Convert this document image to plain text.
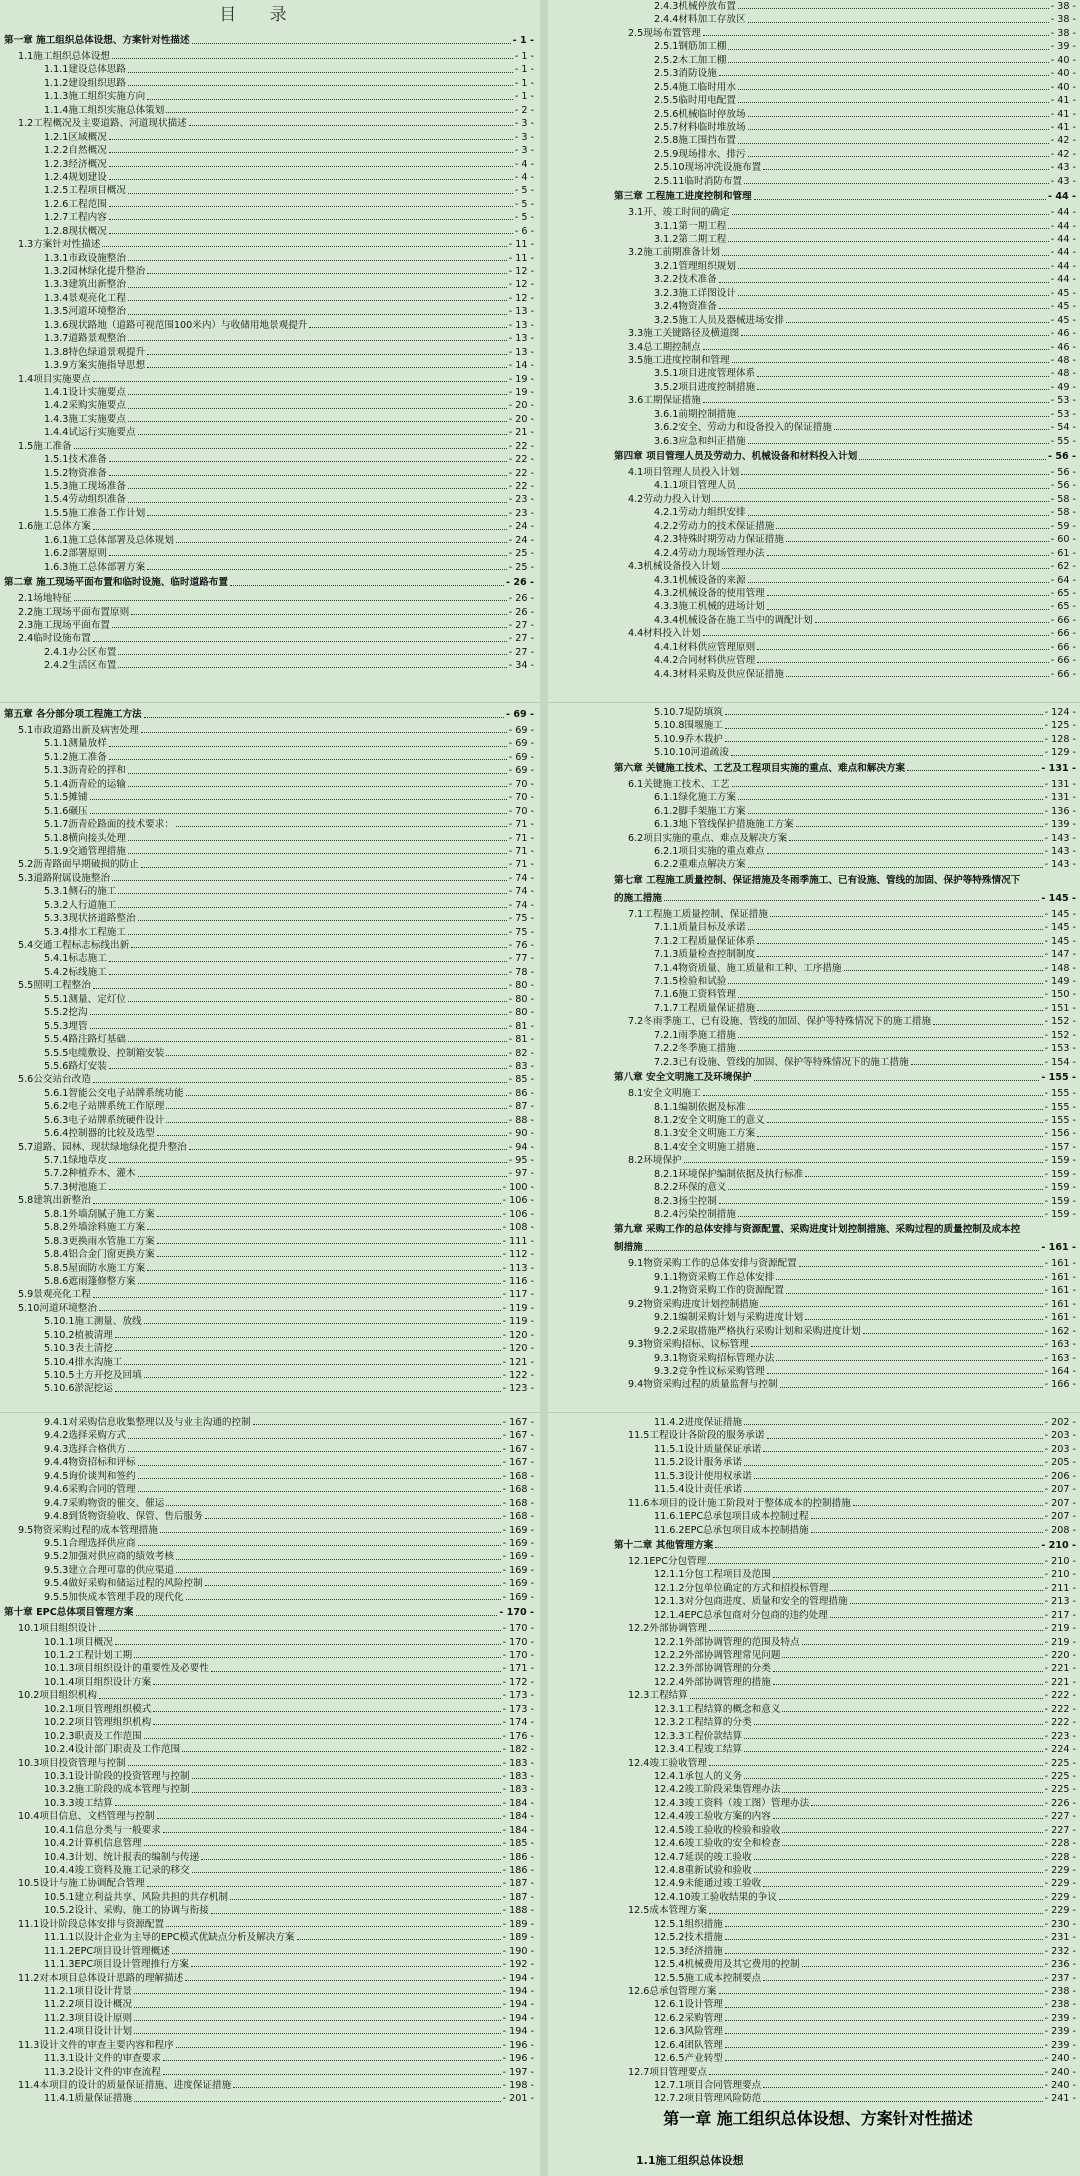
目 录
第一章 施工组织总体设想、方案针对性描述	- 1 -
1.1施工组织总体设想	- 1 -
1.1.1建设总体思路	- 1 -
1.1.2建设组织思路	- 1 -
1.1.3施工组织实施方向	- 1 -
1.1.4施工组织实施总体策划	- 2 -
1.2工程概况及主要道路、河道现状描述	- 3 -
1.2.1区域概况	- 3 -
1.2.2自然概况	- 3 -
1.2.3经济概况	- 4 -
1.2.4规划建设	- 4 -
1.2.5工程项目概况	- 5 -
1.2.6工程范围	- 5 -
1.2.7工程内容	- 5 -
1.2.8现状概况	- 6 -
1.3方案针对性描述	- 11 -
1.3.1市政设施整治	- 11 -
1.3.2园林绿化提升整治	- 12 -
1.3.3建筑出新整治	- 12 -
1.3.4景观亮化工程	- 12 -
1.3.5河道环境整治	- 13 -
1.3.6现状路地（道路可视范围100米内）与收储用地景观提升	- 13 -
1.3.7道路景观整治	- 13 -
1.3.8特色绿道景观提升	- 13 -
1.3.9方案实施指导思想	- 14 -
1.4项目实施要点	- 19 -
1.4.1设计实施要点	- 19 -
1.4.2采购实施要点	- 20 -
1.4.3施工实施要点	- 20 -
1.4.4试运行实施要点	- 21 -
1.5施工准备	- 22 -
1.5.1技术准备	- 22 -
1.5.2物资准备	- 22 -
1.5.3施工现场准备	- 22 -
1.5.4劳动组织准备	- 23 -
1.5.5施工准备工作计划	- 23 -
1.6施工总体方案	- 24 -
1.6.1施工总体部署及总体规划	- 24 -
1.6.2部署原则	- 25 -
1.6.3施工总体部署方案	- 25 -
第二章 施工现场平面布置和临时设施、临时道路布置	- 26 -
2.1场地特征	- 26 -
2.2施工现场平面布置原则	- 26 -
2.3施工现场平面布置	- 27 -
2.4临时设施布置	- 27 -
2.4.1办公区布置	- 27 -
2.4.2生活区布置	- 34 -
2.4.3机械停放布置	- 38 -
2.4.4材料加工存放区	- 38 -
2.5现场布置管理	- 38 -
2.5.1钢筋加工棚	- 39 -
2.5.2木工加工棚	- 40 -
2.5.3消防设施	- 40 -
2.5.4施工临时用水	- 40 -
2.5.5临时用电配置	- 41 -
2.5.6机械临时停放场	- 41 -
2.5.7材料临时堆放场	- 41 -
2.5.8施工围挡布置	- 42 -
2.5.9现场排水、排污	- 42 -
2.5.10现场冲洗设施布置	- 43 -
2.5.11临时消防布置	- 43 -
第三章 工程施工进度控制和管理	- 44 -
3.1开、竣工时间的确定	- 44 -
3.1.1第一期工程	- 44 -
3.1.2第二期工程	- 44 -
3.2施工前期准备计划	- 44 -
3.2.1管理组织规划	- 44 -
3.2.2技术准备	- 44 -
3.2.3施工详图设计	- 45 -
3.2.4物资准备	- 45 -
3.2.5施工人员及器械进场安排	- 45 -
3.3施工关键路径及横道图	- 46 -
3.4总工期控制点	- 46 -
3.5施工进度控制和管理	- 48 -
3.5.1项目进度管理体系	- 48 -
3.5.2项目进度控制措施	- 49 -
3.6工期保证措施	- 53 -
3.6.1前期控制措施	- 53 -
3.6.2安全、劳动力和设备投入的保证措施	- 54 -
3.6.3应急和纠正措施	- 55 -
第四章 项目管理人员及劳动力、机械设备和材料投入计划	- 56 -
4.1项目管理人员投入计划	- 56 -
4.1.1项目管理人员	- 56 -
4.2劳动力投入计划	- 58 -
4.2.1劳动力组织安排	- 58 -
4.2.2劳动力的技术保证措施	- 59 -
4.2.3特殊时期劳动力保证措施	- 60 -
4.2.4劳动力现场管理办法	- 61 -
4.3机械设备投入计划	- 62 -
4.3.1机械设备的来源	- 64 -
4.3.2机械设备的使用管理	- 65 -
4.3.3施工机械的进场计划	- 65 -
4.3.4机械设备在施工当中的调配计划	- 66 -
4.4材料投入计划	- 66 -
4.4.1材料供应管理原则	- 66 -
4.4.2合同材料供应管理	- 66 -
4.4.3材料采购及供应保证措施	- 66 -
第五章 各分部分项工程施工方法	- 69 -
5.1市政道路出新及病害处理	- 69 -
5.1.1测量放样	- 69 -
5.1.2施工准备	- 69 -
5.1.3沥青砼的拌和	- 69 -
5.1.4沥青砼的运输	- 70 -
5.1.5摊铺	- 70 -
5.1.6碾压	- 70 -
5.1.7沥青砼路面的技术要求：	- 71 -
5.1.8横向接头处理	- 71 -
5.1.9交通管理措施	- 71 -
5.2沥青路面早期破损的防止	- 71 -
5.3道路附属设施整治	- 74 -
5.3.1侧石的施工	- 74 -
5.3.2人行道施工	- 74 -
5.3.3现状挤道路整治	- 75 -
5.3.4排水工程施工	- 75 -
5.4交通工程标志标线出新	- 76 -
5.4.1标志施工	- 77 -
5.4.2标线施工	- 78 -
5.5照明工程整治	- 80 -
5.5.1测量、定灯位	- 80 -
5.5.2挖沟	- 80 -
5.5.3埋管	- 81 -
5.5.4路注路灯基础	- 81 -
5.5.5电缆敷设、控制箱安装	- 82 -
5.5.6路灯安装	- 83 -
5.6公交站台改造	- 85 -
5.6.1智能公交电子站牌系统功能	- 86 -
5.6.2电子站牌系统工作原理	- 87 -
5.6.3电子站牌系统硬件设计	- 88 -
5.6.4控制器的比较及选型	- 90 -
5.7道路、园林、现状绿地绿化提升整治	- 94 -
5.7.1绿地草皮	- 95 -
5.7.2种植乔木、灌木	- 97 -
5.7.3树池施工	- 100 -
5.8建筑出新整治	- 106 -
5.8.1外墙刮腻子施工方案	- 106 -
5.8.2外墙涂料施工方案	- 108 -
5.8.3更换雨水管施工方案	- 111 -
5.8.4铝合金门窗更换方案	- 112 -
5.8.5屋面防水施工方案	- 113 -
5.8.6遮雨篷修整方案	- 116 -
5.9景观亮化工程	- 117 -
5.10河道环境整治	- 119 -
5.10.1施工测量、放线	- 119 -
5.10.2植被清理	- 120 -
5.10.3表土清挖	- 120 -
5.10.4排水沟施工	- 121 -
5.10.5土方开挖及回填	- 122 -
5.10.6淤泥挖运	- 123 -
5.10.7堤防填筑	- 124 -
5.10.8围堰施工	- 125 -
5.10.9乔木栽护	- 128 -
5.10.10河道疏浚	- 129 -
第六章 关键施工技术、工艺及工程项目实施的重点、难点和解决方案	- 131 -
6.1关键施工技术、工艺	- 131 -
6.1.1绿化施工方案	- 131 -
6.1.2脚手架施工方案	- 136 -
6.1.3地下管线保护措施施工方案	- 139 -
6.2项目实施的重点、难点及解决方案	- 143 -
6.2.1项目实施的重点难点	- 143 -
6.2.2重难点解决方案	- 143 -
第七章 工程施工质量控制、保证措施及冬雨季施工、已有设施、管线的加固、保护等特殊情况下
的施工措施	- 145 -
7.1工程施工质量控制、保证措施	- 145 -
7.1.1质量目标及承诺	- 145 -
7.1.2工程质量保证体系	- 145 -
7.1.3质量检查控制制度	- 147 -
7.1.4物资质量、施工质量和工种、工序措施	- 148 -
7.1.5检验和试验	- 149 -
7.1.6施工资料管理	- 150 -
7.1.7工程质量保证措施	- 151 -
7.2冬雨季施工、已有设施、管线的加固、保护等特殊情况下的施工措施	- 152 -
7.2.1雨季施工措施	- 152 -
7.2.2冬季施工措施	- 153 -
7.2.3已有设施、管线的加固、保护等特殊情况下的施工措施	- 154 -
第八章 安全文明施工及环境保护	- 155 -
8.1安全文明施工	- 155 -
8.1.1编制依据及标准	- 155 -
8.1.2安全文明施工的意义	- 155 -
8.1.3安全文明施工方案	- 156 -
8.1.4安全文明施工措施	- 157 -
8.2环境保护	- 159 -
8.2.1环境保护编制依据及执行标准	- 159 -
8.2.2环保的意义	- 159 -
8.2.3扬尘控制	- 159 -
8.2.4污染控制措施	- 159 -
第九章 采购工作的总体安排与资源配置、采购进度计划控制措施、采购过程的质量控制及成本控
制措施	- 161 -
9.1物资采购工作的总体安排与资源配置	- 161 -
9.1.1物资采购工作总体安排	- 161 -
9.1.2物资采购工作的资源配置	- 161 -
9.2物资采购进度计划控制措施	- 161 -
9.2.1编制采购计划与采购进度计划	- 161 -
9.2.2采取措施严格执行采购计划和采购进度计划	- 162 -
9.3物资采购招标、议标管理	- 163 -
9.3.1物资采购招标管理办法	- 163 -
9.3.2竞争性议标采购管理	- 164 -
9.4物资采购过程的质量监督与控制	- 166 -
9.4.1对采购信息收集整理以及与业主沟通的控制	- 167 -
9.4.2选择采购方式	- 167 -
9.4.3选择合格供方	- 167 -
9.4.4物资招标和评标	- 167 -
9.4.5询价谈判和签约	- 168 -
9.4.6采购合同的管理	- 168 -
9.4.7采购物资的催交、催运	- 168 -
9.4.8到货物资验收、保管、售后服务	- 168 -
9.5物资采购过程的成本管理措施	- 169 -
9.5.1合理选择供应商	- 169 -
9.5.2加强对供应商的绩效考核	- 169 -
9.5.3建立合理可靠的供应渠道	- 169 -
9.5.4做好采购和储运过程的风险控制	- 169 -
9.5.5加快成本管理手段的现代化	- 169 -
第十章 EPC总体项目管理方案	- 170 -
10.1项目组织设计	- 170 -
10.1.1项目概况	- 170 -
10.1.2工程计划工期	- 170 -
10.1.3项目组织设计的重要性及必要性	- 171 -
10.1.4项目组织设计方案	- 172 -
10.2项目组织机构	- 173 -
10.2.1项目管理组织模式	- 173 -
10.2.2项目管理组织机构	- 174 -
10.2.3职责及工作范围	- 176 -
10.2.4设计部门职责及工作范围	- 182 -
10.3项目投资管理与控制	- 183 -
10.3.1设计阶段的投资管理与控制	- 183 -
10.3.2施工阶段的成本管理与控制	- 183 -
10.3.3竣工结算	- 184 -
10.4项目信息、文档管理与控制	- 184 -
10.4.1信息分类与一般要求	- 184 -
10.4.2计算机信息管理	- 185 -
10.4.3计划、统计报表的编制与传递	- 186 -
10.4.4竣工资料及施工记录的移交	- 186 -
10.5设计与施工协调配合管理	- 187 -
10.5.1建立利益共享、风险共担的共存机制	- 187 -
10.5.2设计、采购、施工的协调与衔接	- 188 -
11.1设计阶段总体安排与资源配置	- 189 -
11.1.1以设计企业为主导的EPC模式优缺点分析及解决方案	- 189 -
11.1.2EPC项目设计管理概述	- 190 -
11.1.3EPC项目设计管理推行方案	- 192 -
11.2对本项目总体设计思路的理解描述	- 194 -
11.2.1项目设计背景	- 194 -
11.2.2项目设计概况	- 194 -
11.2.3项目设计原则	- 194 -
11.2.4项目设计计划	- 194 -
11.3设计文件的审查主要内容和程序	- 196 -
11.3.1设计文件的审查要求	- 196 -
11.3.2设计文件的审查流程	- 197 -
11.4本项目的设计的质量保证措施、进度保证措施	- 198 -
11.4.1质量保证措施	- 201 -
11.4.2进度保证措施	- 202 -
11.5工程设计各阶段的服务承诺	- 203 -
11.5.1设计质量保证承诺	- 203 -
11.5.2设计服务承诺	- 205 -
11.5.3设计使用权承诺	- 206 -
11.5.4设计责任承诺	- 207 -
11.6本项目的设计施工阶段对于整体成本的控制措施	- 207 -
11.6.1EPC总承包项目成本控制过程	- 207 -
11.6.2EPC总承包项目成本控制措施	- 208 -
第十二章 其他管理方案	- 210 -
12.1EPC分包管理	- 210 -
12.1.1分包工程项目及范围	- 210 -
12.1.2分包单位确定的方式和招投标管理	- 211 -
12.1.3对分包商进度、质量和安全的管理措施	- 213 -
12.1.4EPC总承包商对分包商的违约处理	- 217 -
12.2外部协调管理	- 219 -
12.2.1外部协调管理的范围及特点	- 219 -
12.2.2外部协调管理常见问题	- 220 -
12.2.3外部协调管理的分类	- 221 -
12.2.4外部协调管理的措施	- 221 -
12.3工程结算	- 222 -
12.3.1工程结算的概念和意义	- 222 -
12.3.2工程结算的分类	- 222 -
12.3.3工程价款结算	- 223 -
12.3.4工程竣工结算	- 224 -
12.4竣工验收管理	- 225 -
12.4.1承包人的义务	- 225 -
12.4.2竣工阶段采集管理办法	- 225 -
12.4.3竣工资料（竣工图）管理办法	- 226 -
12.4.4竣工验收方案的内容	- 227 -
12.4.5竣工验收的检验和验收	- 227 -
12.4.6竣工验收的安全和检查	- 228 -
12.4.7延误的竣工验收	- 228 -
12.4.8重新试验和验收	- 229 -
12.4.9未能通过竣工验收	- 229 -
12.4.10竣工验收结果的争议	- 229 -
12.5成本管理方案	- 229 -
12.5.1组织措施	- 230 -
12.5.2技术措施	- 231 -
12.5.3经济措施	- 232 -
12.5.4机械费用及其它费用的控制	- 236 -
12.5.5施工成本控制要点	- 237 -
12.6总承包管理方案	- 238 -
12.6.1设计管理	- 238 -
12.6.2采购管理	- 239 -
12.6.3风险管理	- 239 -
12.6.4团队管理	- 239 -
12.6.5产业转型	- 240 -
12.7项目管理要点	- 240 -
12.7.1项目合同管理要点	- 240 -
12.7.2项目管理风险防范	- 241 -
第一章 施工组织总体设想、方案针对性描述
1.1施工组织总体设想
